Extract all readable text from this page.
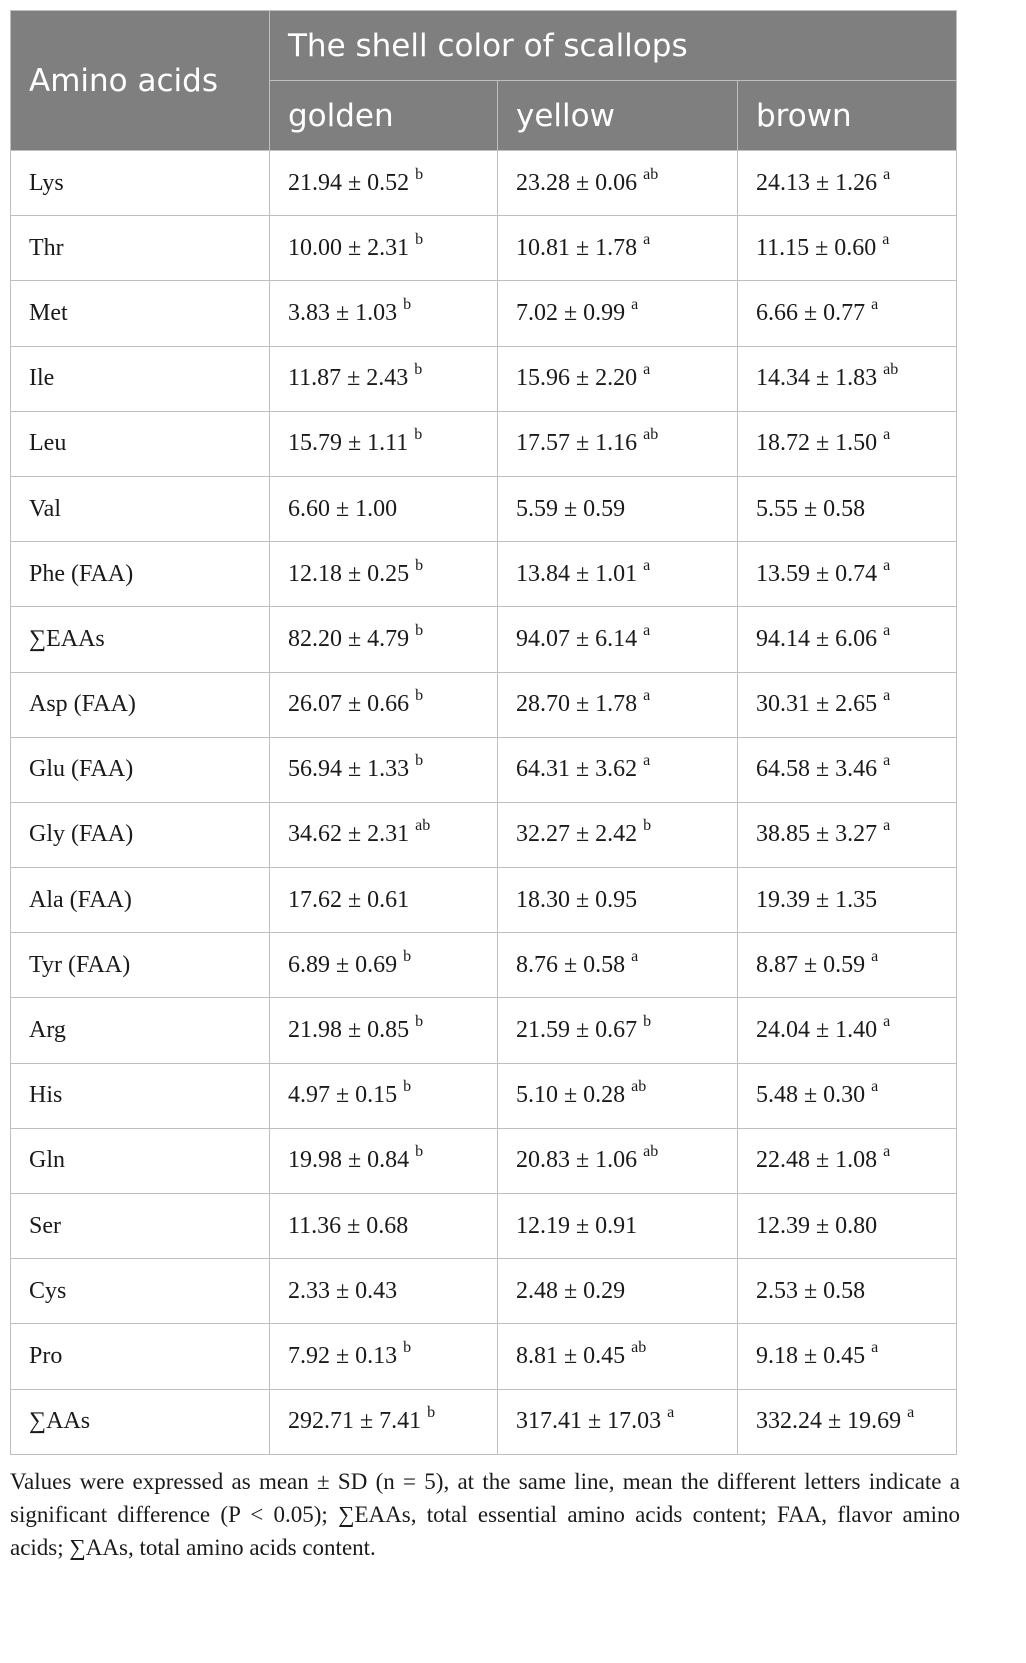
Amino acids	The shell color of scallops		
	golden	yellow	brown
Lys	21.94 ± 0.52 $^b$	23.28 ± 0.06 $^{ab}$	24.13 ± 1.26 $^a$
Thr	10.00 ± 2.31 $^b$	10.81 ± 1.78 $^a$	11.15 ± 0.60 $^a$
Met	3.83 ± 1.03 $^b$	7.02 ± 0.99 $^a$	6.66 ± 0.77 $^a$
Ile	11.87 ± 2.43 $^b$	15.96 ± 2.20 $^a$	14.34 ± 1.83 $^{ab}$
Leu	15.79 ± 1.11 $^b$	17.57 ± 1.16 $^{ab}$	18.72 ± 1.50 $^a$
Val	6.60 ± 1.00	5.59 ± 0.59	5.55 ± 0.58
Phe (FAA)	12.18 ± 0.25 $^b$	13.84 ± 1.01 $^a$	13.59 ± 0.74 $^a$
∑EAAs	82.20 ± 4.79 $^b$	94.07 ± 6.14 $^a$	94.14 ± 6.06 $^a$
Asp (FAA)	26.07 ± 0.66 $^b$	28.70 ± 1.78 $^a$	30.31 ± 2.65 $^a$
Glu (FAA)	56.94 ± 1.33 $^b$	64.31 ± 3.62 $^a$	64.58 ± 3.46 $^a$
Gly (FAA)	34.62 ± 2.31 $^{ab}$	32.27 ± 2.42 $^b$	38.85 ± 3.27 $^a$
Ala (FAA)	17.62 ± 0.61	18.30 ± 0.95	19.39 ± 1.35
Tyr (FAA)	6.89 ± 0.69 $^b$	8.76 ± 0.58 $^a$	8.87 ± 0.59 $^a$
Arg	21.98 ± 0.85 $^b$	21.59 ± 0.67 $^b$	24.04 ± 1.40 $^a$
His	4.97 ± 0.15 $^b$	5.10 ± 0.28 $^{ab}$	5.48 ± 0.30 $^a$
Gln	19.98 ± 0.84 $^b$	20.83 ± 1.06 $^{ab}$	22.48 ± 1.08 $^a$
Ser	11.36 ± 0.68	12.19 ± 0.91	12.39 ± 0.80
Cys	2.33 ± 0.43	2.48 ± 0.29	2.53 ± 0.58
Pro	7.92 ± 0.13 $^b$	8.81 ± 0.45 $^{ab}$	9.18 ± 0.45 $^a$
∑AAs	292.71 ± 7.41 $^b$	317.41 ± 17.03 $^a$	332.24 ± 19.69 $^a$
Values were expressed as mean ± SD (n = 5), at the same line, mean the different letters indicate a significant difference (P < 0.05); ∑EAAs, total essential amino acids content; FAA, flavor amino acids; ∑AAs, total amino acids content.
